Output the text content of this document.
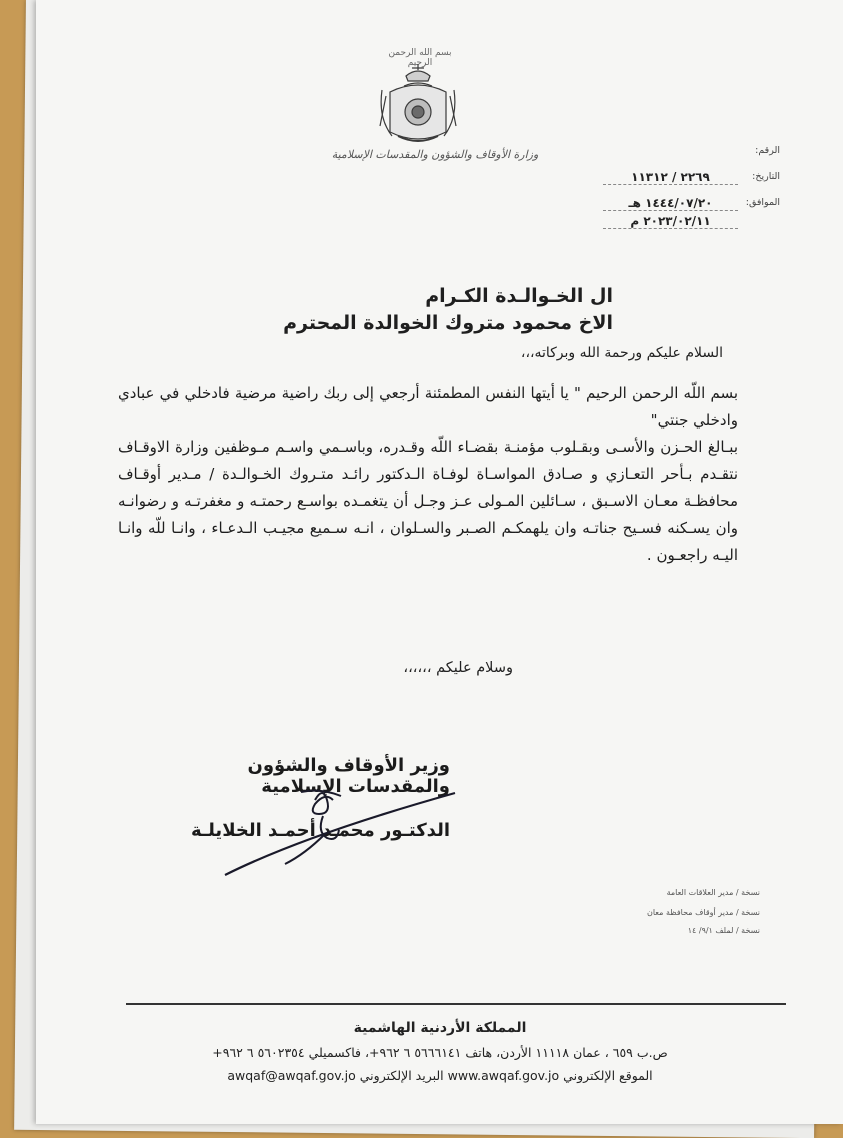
بسم الله الرحمن الرحيم
وزارة الأوقاف والشؤون والمقدسات الإسلامية	الرقم:
التاريخ:
٢٢٦٩ / ١١٣١٢
الموافق:
١٤٤٤/٠٧/٢٠ هـ
٢٠٢٣/٠٢/١١ م
ال الخـوالـدة الكـرام
الاخ محمود متروك الخوالدة المحترم
السلام عليكم ورحمة الله وبركاته،،،

بسم اللّه الرحمن الرحيم " يا أيتها النفس المطمئنة أرجعي إلى ربك راضية مرضية فادخلي في عبادي وادخلي جنتي"

ببـالغ الحـزن والأسـى وبقـلوب مؤمنـة بقضـاء اللّه وقـدره، وباسـمي واسـم مـوظفين وزارة الاوقـاف نتقـدم بـأحر التعـازي و صـادق المواسـاة لوفـاة الـدكتور رائـد متـروك الخـوالـدة / مـدير أوقـاف محافظـة معـان الاسـبق ، سـائلين المـولى عـز وجـل أن يتغمـده بواسـع رحمتـه و مغفرتـه و رضوانـه وان يسـكنه فسـيح جناتـه وان يلهمكـم الصـبر والسـلوان ، انـه سـميع مجيـب الـدعـاء ، وانـا للّه وانـا اليـه راجعـون .

وسلام عليكم ،،،،،،
وزير الأوقاف والشؤون والمقدسات الإسلامية
الدكتـور محمـد أحمـد الخلايلـة
نسخة / مدير العلاقات العامة
نسخة / مدير أوقاف محافظة معان
نسخة / لملف ٩/١/ ١٤
المملكة الأردنية الهاشمية
ص.ب ٦٥٩ ، عمان ١١١١٨ الأردن، هاتف ٥٦٦٦١٤١ ٦ ٩٦٢+، فاكسميلي ٥٦٠٢٣٥٤ ٦ ٩٦٢+
الموقع الإلكتروني www.awqaf.gov.jo البريد الإلكتروني awqaf@awqaf.gov.jo
